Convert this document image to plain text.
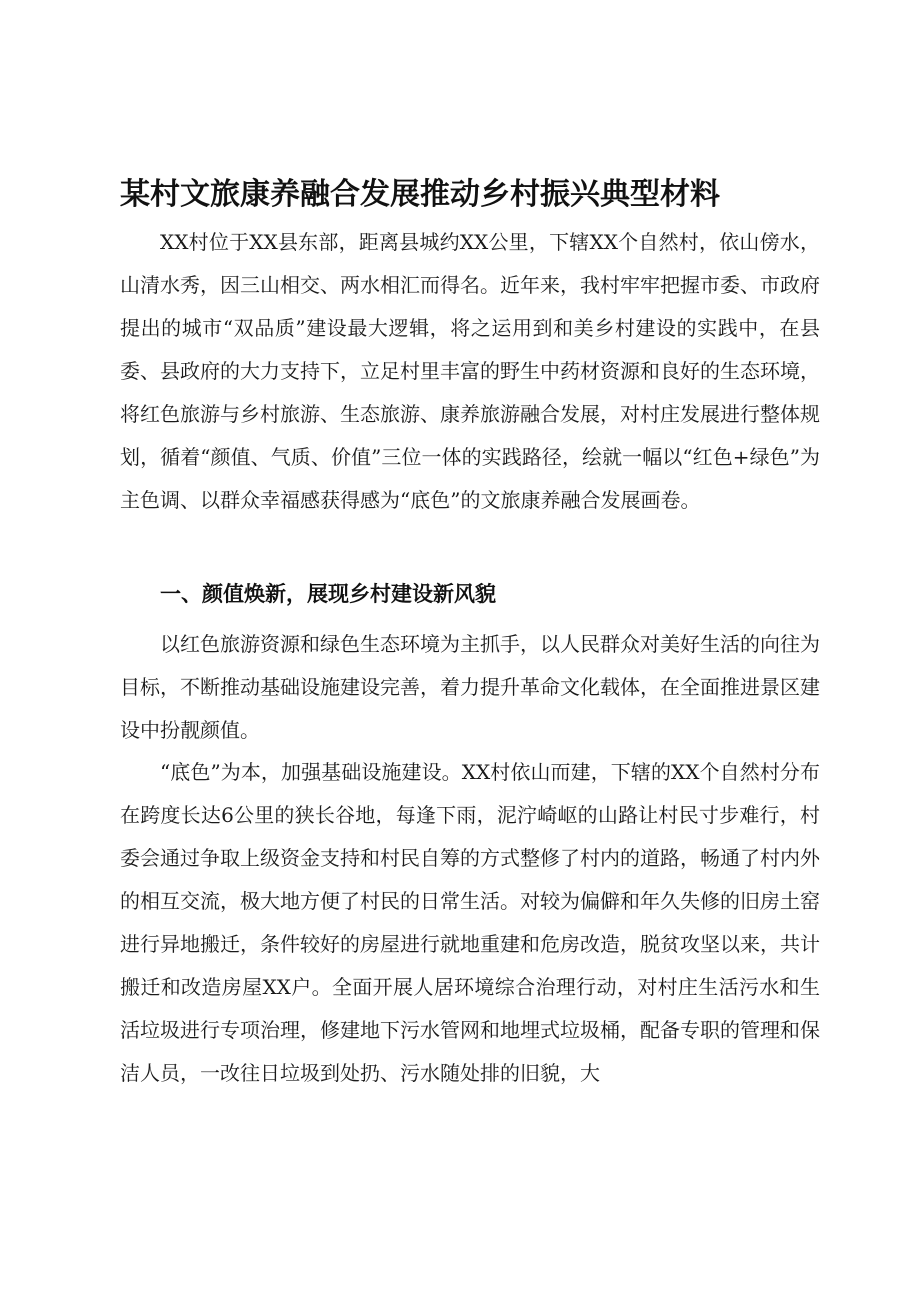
某村文旅康养融合发展推动乡村振兴典型材料

XX村位于XX县东部，距离县城约XX公里，下辖XX个自然村，依山傍水，山清水秀，因三山相交、两水相汇而得名。近年来，我村牢牢把握市委、市政府提出的城市“双品质”建设最大逻辑，将之运用到和美乡村建设的实践中，在县委、县政府的大力支持下，立足村里丰富的野生中药材资源和良好的生态环境，将红色旅游与乡村旅游、生态旅游、康养旅游融合发展，对村庄发展进行整体规划，循着“颜值、气质、价值”三位一体的实践路径，绘就一幅以“红色+绿色”为主色调、以群众幸福感获得感为“底色”的文旅康养融合发展画卷。

一、颜值焕新，展现乡村建设新风貌

以红色旅游资源和绿色生态环境为主抓手，以人民群众对美好生活的向往为目标，不断推动基础设施建设完善，着力提升革命文化载体，在全面推进景区建设中扮靓颜值。

“底色”为本，加强基础设施建设。XX村依山而建，下辖的XX个自然村分布在跨度长达6公里的狭长谷地，每逢下雨，泥泞崎岖的山路让村民寸步难行，村委会通过争取上级资金支持和村民自筹的方式整修了村内的道路，畅通了村内外的相互交流，极大地方便了村民的日常生活。对较为偏僻和年久失修的旧房土窑进行异地搬迁，条件较好的房屋进行就地重建和危房改造，脱贫攻坚以来，共计搬迁和改造房屋XX户。全面开展人居环境综合治理行动，对村庄生活污水和生活垃圾进行专项治理，修建地下污水管网和地埋式垃圾桶，配备专职的管理和保洁人员，一改往日垃圾到处扔、污水随处排的旧貌，大
